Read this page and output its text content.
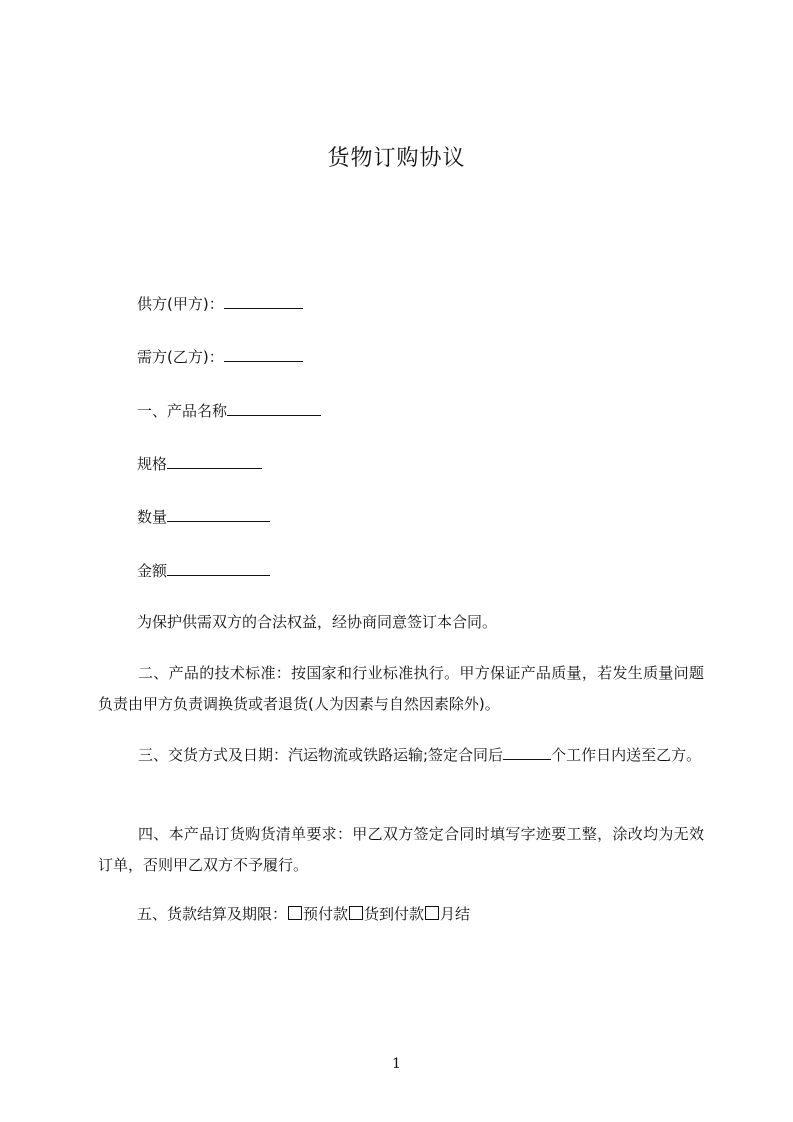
货物订购协议
供方(甲方)：
需方(乙方)：
一、产品名称
规格
数量
金额
为保护供需双方的合法权益，经协商同意签订本合同。
二、产品的技术标准：按国家和行业标准执行。甲方保证产品质量，若发生质量问题负责由甲方负责调换货或者退货(人为因素与自然因素除外)。
三、交货方式及日期：汽运物流或铁路运输;签定合同后	个工作日内送至乙方。
四、本产品订货购货清单要求：甲乙双方签定合同时填写字迹要工整，涂改均为无效订单，否则甲乙双方不予履行。
五、货款结算及期限： 预付款 货到付款 月结
1
